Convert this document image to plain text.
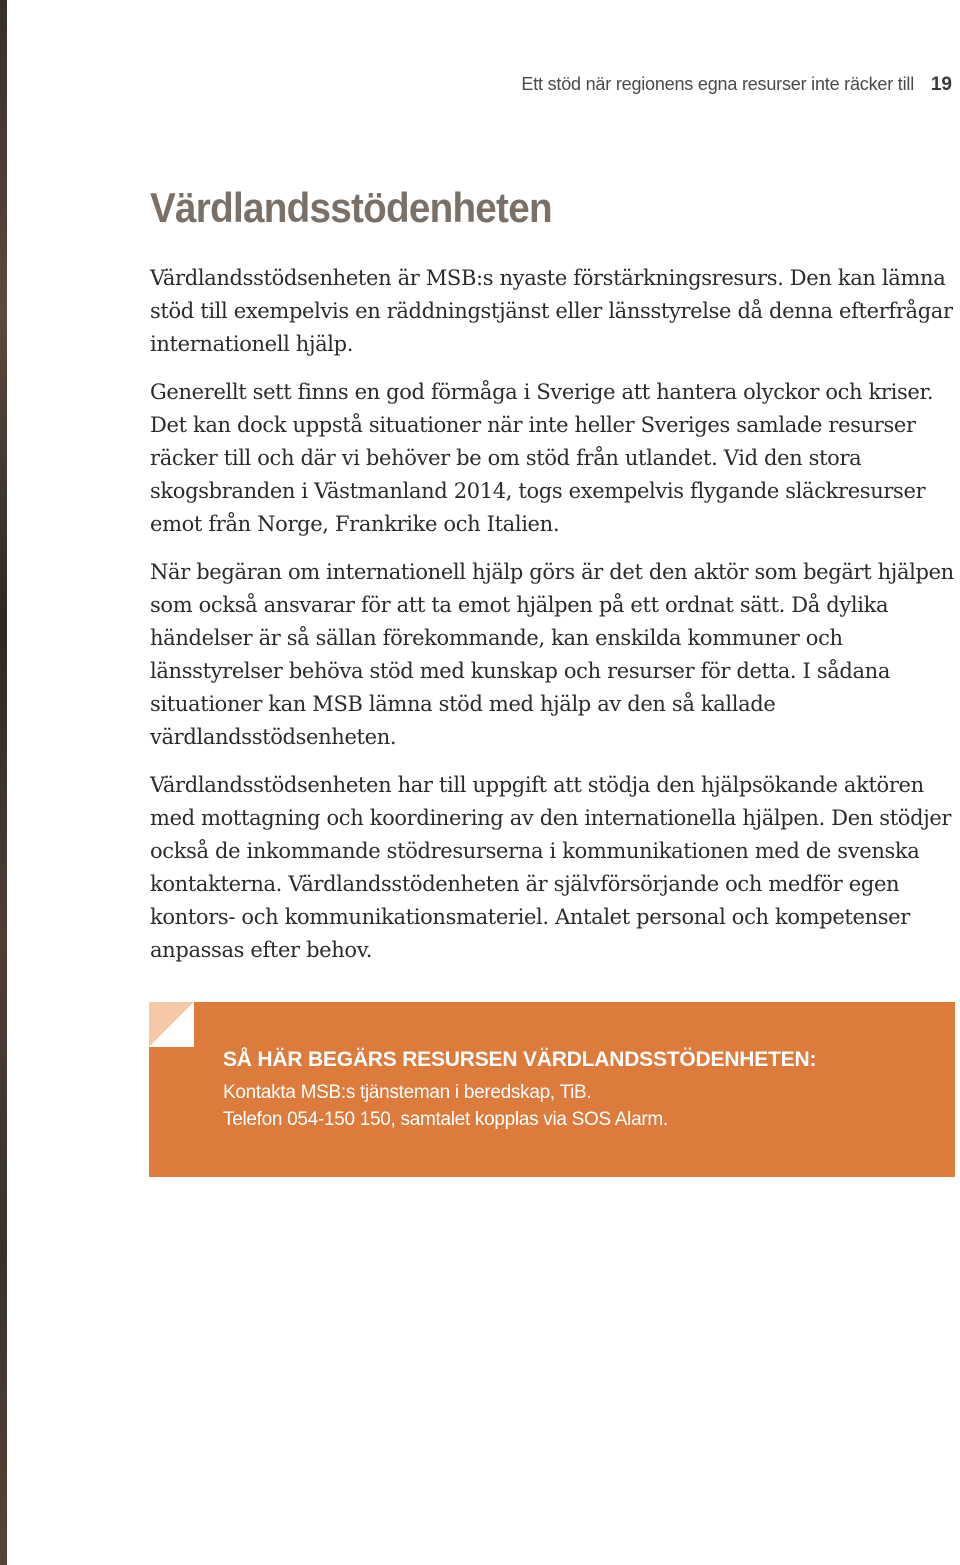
Ett stöd när regionens egna resurser inte räcker till 19
Värdlandsstödenheten

Värdlandsstödsenheten är MSB:s nyaste förstärkningsresurs. Den kan lämna stöd till exempelvis en räddningstjänst eller länsstyrelse då denna efterfrågar internationell hjälp.

Generellt sett finns en god förmåga i Sverige att hantera olyckor och kriser. Det kan dock uppstå situationer när inte heller Sveriges samlade resurser räcker till och där vi behöver be om stöd från utlandet. Vid den stora skogsbranden i Västmanland 2014, togs exempelvis flygande släckresurser emot från Norge, Frankrike och Italien.

När begäran om internationell hjälp görs är det den aktör som begärt hjälpen som också ansvarar för att ta emot hjälpen på ett ordnat sätt. Då dylika händelser är så sällan förekommande, kan enskilda kommuner och länsstyrelser behöva stöd med kunskap och resurser för detta. I sådana situationer kan MSB lämna stöd med hjälp av den så kallade värdlandsstödsenheten.

Värdlandsstödsenheten har till uppgift att stödja den hjälpsökande aktören med mottagning och koordinering av den internationella hjälpen. Den stödjer också de inkommande stödresurserna i kommunikationen med de svenska kontakterna. Värdlandsstödenheten är självförsörjande och medför egen kontors- och kommunikationsmateriel. Antalet personal och kompetenser anpassas efter behov.

SÅ HÄR BEGÄRS RESURSEN VÄRDLANDSSTÖDENHETEN:
Kontakta MSB:s tjänsteman i beredskap, TiB.
Telefon 054-150 150, samtalet kopplas via SOS Alarm.
